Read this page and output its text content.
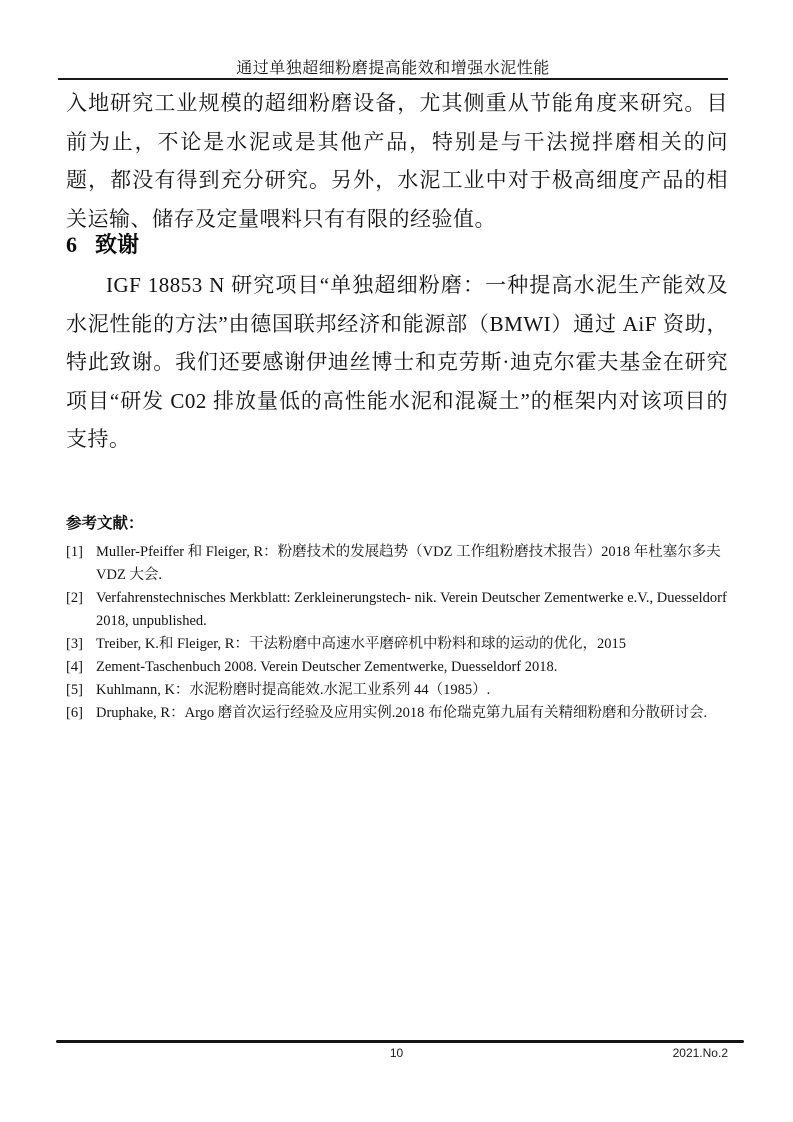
通过单独超细粉磨提高能效和增强水泥性能

入地研究工业规模的超细粉磨设备，尤其侧重从节能角度来研究。目前为止，不论是水泥或是其他产品，特别是与干法搅拌磨相关的问题，都没有得到充分研究。另外，水泥工业中对于极高细度产品的相关运输、储存及定量喂料只有有限的经验值。

6 致谢

IGF 18853 N 研究项目“单独超细粉磨：一种提高水泥生产能效及水泥性能的方法”由德国联邦经济和能源部（BMWI）通过 AiF 资助，特此致谢。我们还要感谢伊迪丝博士和克劳斯·迪克尔霍夫基金在研究项目“研发 C02 排放量低的高性能水泥和混凝土”的框架内对该项目的支持。

参考文献：

[1] Muller-Pfeiffer 和 Fleiger, R：粉磨技术的发展趋势（VDZ 工作组粉磨技术报告）2018 年杜塞尔多夫 VDZ 大会.
[2] Verfahrenstechnisches Merkblatt: Zerkleinerungstech- nik. Verein Deutscher Zementwerke e.V., Duesseldorf 2018, unpublished.
[3] Treiber, K.和 Fleiger, R：干法粉磨中高速水平磨碎机中粉料和球的运动的优化，2015
[4] Zement-Taschenbuch 2008. Verein Deutscher Zementwerke, Duesseldorf 2018.
[5] Kuhlmann, K：水泥粉磨时提高能效.水泥工业系列 44（1985）.
[6] Druphake, R：Argo 磨首次运行经验及应用实例.2018 布伦瑞克第九届有关精细粉磨和分散研讨会.
10	2021.No.2
